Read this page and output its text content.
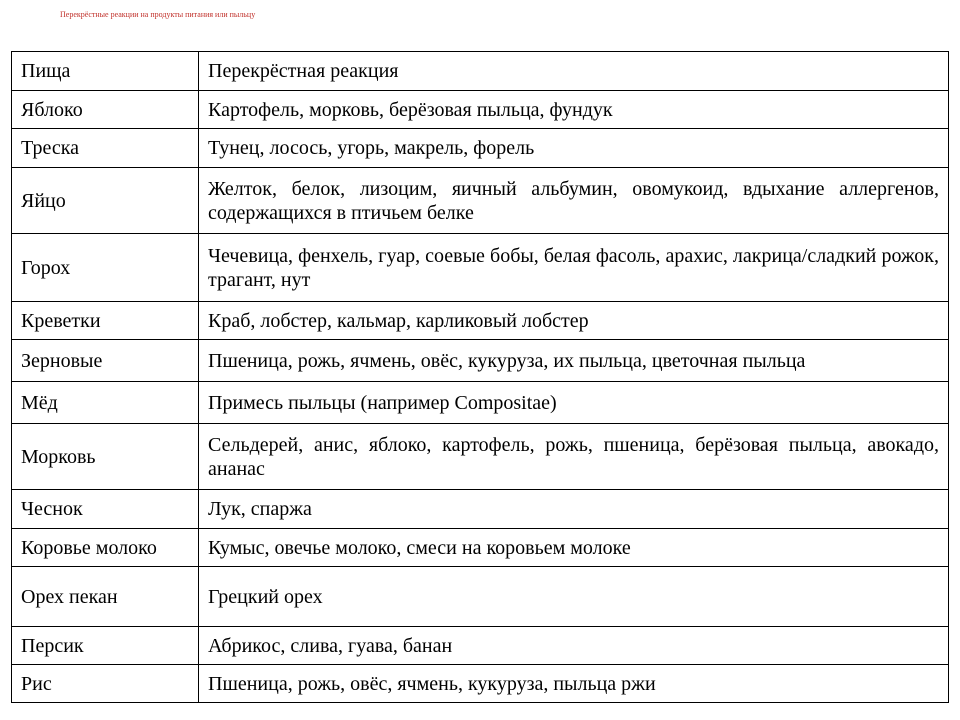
Перекрёстные реакции на продукты питания или пыльцу
Пища	Перекрёстная реакция
Яблоко	Картофель, морковь, берёзовая пыльца, фундук
Треска	Тунец, лосось, угорь, макрель, форель
Яйцо	Желток, белок, лизоцим, яичный альбумин, овомукоид, вдыхание аллергенов, содержащихся в птичьем белке
Горох	Чечевица, фенхель, гуар, соевые бобы, белая фасоль, арахис, лакрица/сладкий рожок, трагант, нут
Креветки	Краб, лобстер, кальмар, карликовый лобстер
Зерновые	Пшеница, рожь, ячмень, овёс, кукуруза, их пыльца, цветочная пыльца
Мёд	Примесь пыльцы (например Compositae)
Морковь	Сельдерей, анис, яблоко, картофель, рожь, пшеница, берёзовая пыльца, авокадо, ананас
Чеснок	Лук, спаржа
Коровье молоко	Кумыс, овечье молоко, смеси на коровьем молоке
Орех пекан	Грецкий орех
Персик	Абрикос, слива, гуава, банан
Рис	Пшеница, рожь, овёс, ячмень, кукуруза, пыльца ржи
